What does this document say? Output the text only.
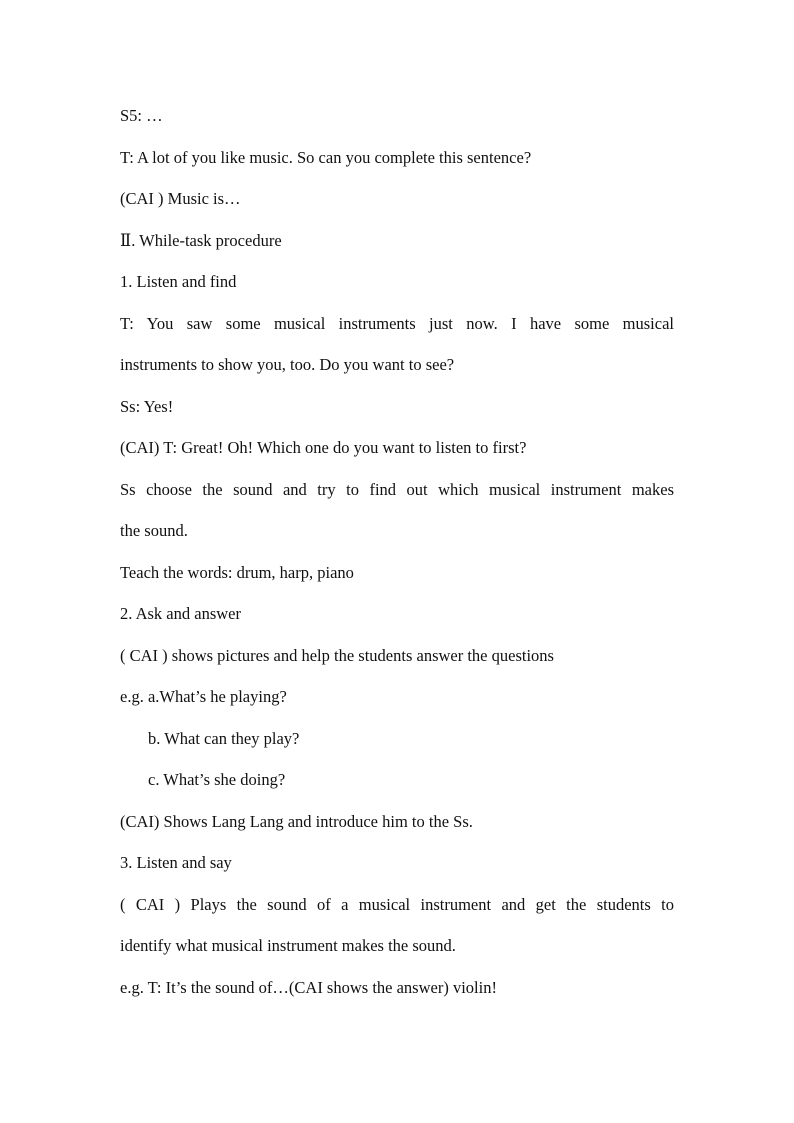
S5: …
T: A lot of you like music. So can you complete this sentence?
(CAI ) Music is…
Ⅱ. While-task procedure
1. Listen and find
T: You saw some musical instruments just now. I have some musical
instruments to show you, too. Do you want to see?
Ss: Yes!
(CAI) T: Great! Oh! Which one do you want to listen to first?
Ss choose the sound and try to find out which musical instrument makes
the sound.
Teach the words: drum, harp, piano
2. Ask and answer
( CAI ) shows pictures and help the students answer the questions
e.g. a.What’s he playing?
b. What can they play?
c. What’s she doing?
(CAI) Shows Lang Lang and introduce him to the Ss.
3. Listen and say
( CAI ) Plays the sound of a musical instrument and get the students to
identify what musical instrument makes the sound.
e.g. T: It’s the sound of…(CAI shows the answer) violin!
